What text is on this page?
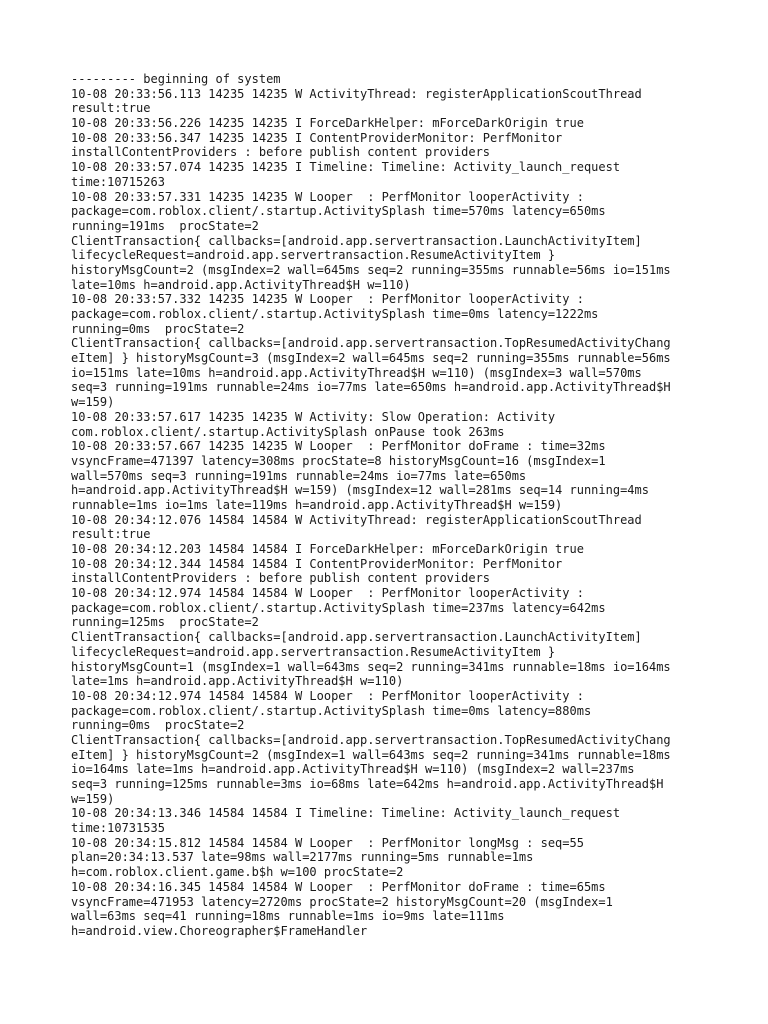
--------- beginning of system
10-08 20:33:56.113 14235 14235 W ActivityThread: registerApplicationScoutThread
result:true
10-08 20:33:56.226 14235 14235 I ForceDarkHelper: mForceDarkOrigin true
10-08 20:33:56.347 14235 14235 I ContentProviderMonitor: PerfMonitor
installContentProviders : before publish content providers
10-08 20:33:57.074 14235 14235 I Timeline: Timeline: Activity_launch_request
time:10715263
10-08 20:33:57.331 14235 14235 W Looper  : PerfMonitor looperActivity :
package=com.roblox.client/.startup.ActivitySplash time=570ms latency=650ms
running=191ms  procState=2
ClientTransaction{ callbacks=[android.app.servertransaction.LaunchActivityItem]
lifecycleRequest=android.app.servertransaction.ResumeActivityItem }
historyMsgCount=2 (msgIndex=2 wall=645ms seq=2 running=355ms runnable=56ms io=151ms
late=10ms h=android.app.ActivityThread$H w=110)
10-08 20:33:57.332 14235 14235 W Looper  : PerfMonitor looperActivity :
package=com.roblox.client/.startup.ActivitySplash time=0ms latency=1222ms
running=0ms  procState=2
ClientTransaction{ callbacks=[android.app.servertransaction.TopResumedActivityChang
eItem] } historyMsgCount=3 (msgIndex=2 wall=645ms seq=2 running=355ms runnable=56ms
io=151ms late=10ms h=android.app.ActivityThread$H w=110) (msgIndex=3 wall=570ms
seq=3 running=191ms runnable=24ms io=77ms late=650ms h=android.app.ActivityThread$H
w=159)
10-08 20:33:57.617 14235 14235 W Activity: Slow Operation: Activity
com.roblox.client/.startup.ActivitySplash onPause took 263ms
10-08 20:33:57.667 14235 14235 W Looper  : PerfMonitor doFrame : time=32ms
vsyncFrame=471397 latency=308ms procState=8 historyMsgCount=16 (msgIndex=1
wall=570ms seq=3 running=191ms runnable=24ms io=77ms late=650ms
h=android.app.ActivityThread$H w=159) (msgIndex=12 wall=281ms seq=14 running=4ms
runnable=1ms io=1ms late=119ms h=android.app.ActivityThread$H w=159)
10-08 20:34:12.076 14584 14584 W ActivityThread: registerApplicationScoutThread
result:true
10-08 20:34:12.203 14584 14584 I ForceDarkHelper: mForceDarkOrigin true
10-08 20:34:12.344 14584 14584 I ContentProviderMonitor: PerfMonitor
installContentProviders : before publish content providers
10-08 20:34:12.974 14584 14584 W Looper  : PerfMonitor looperActivity :
package=com.roblox.client/.startup.ActivitySplash time=237ms latency=642ms
running=125ms  procState=2
ClientTransaction{ callbacks=[android.app.servertransaction.LaunchActivityItem]
lifecycleRequest=android.app.servertransaction.ResumeActivityItem }
historyMsgCount=1 (msgIndex=1 wall=643ms seq=2 running=341ms runnable=18ms io=164ms
late=1ms h=android.app.ActivityThread$H w=110)
10-08 20:34:12.974 14584 14584 W Looper  : PerfMonitor looperActivity :
package=com.roblox.client/.startup.ActivitySplash time=0ms latency=880ms
running=0ms  procState=2
ClientTransaction{ callbacks=[android.app.servertransaction.TopResumedActivityChang
eItem] } historyMsgCount=2 (msgIndex=1 wall=643ms seq=2 running=341ms runnable=18ms
io=164ms late=1ms h=android.app.ActivityThread$H w=110) (msgIndex=2 wall=237ms
seq=3 running=125ms runnable=3ms io=68ms late=642ms h=android.app.ActivityThread$H
w=159)
10-08 20:34:13.346 14584 14584 I Timeline: Timeline: Activity_launch_request
time:10731535
10-08 20:34:15.812 14584 14584 W Looper  : PerfMonitor longMsg : seq=55
plan=20:34:13.537 late=98ms wall=2177ms running=5ms runnable=1ms
h=com.roblox.client.game.b$h w=100 procState=2
10-08 20:34:16.345 14584 14584 W Looper  : PerfMonitor doFrame : time=65ms
vsyncFrame=471953 latency=2720ms procState=2 historyMsgCount=20 (msgIndex=1
wall=63ms seq=41 running=18ms runnable=1ms io=9ms late=111ms
h=android.view.Choreographer$FrameHandler
